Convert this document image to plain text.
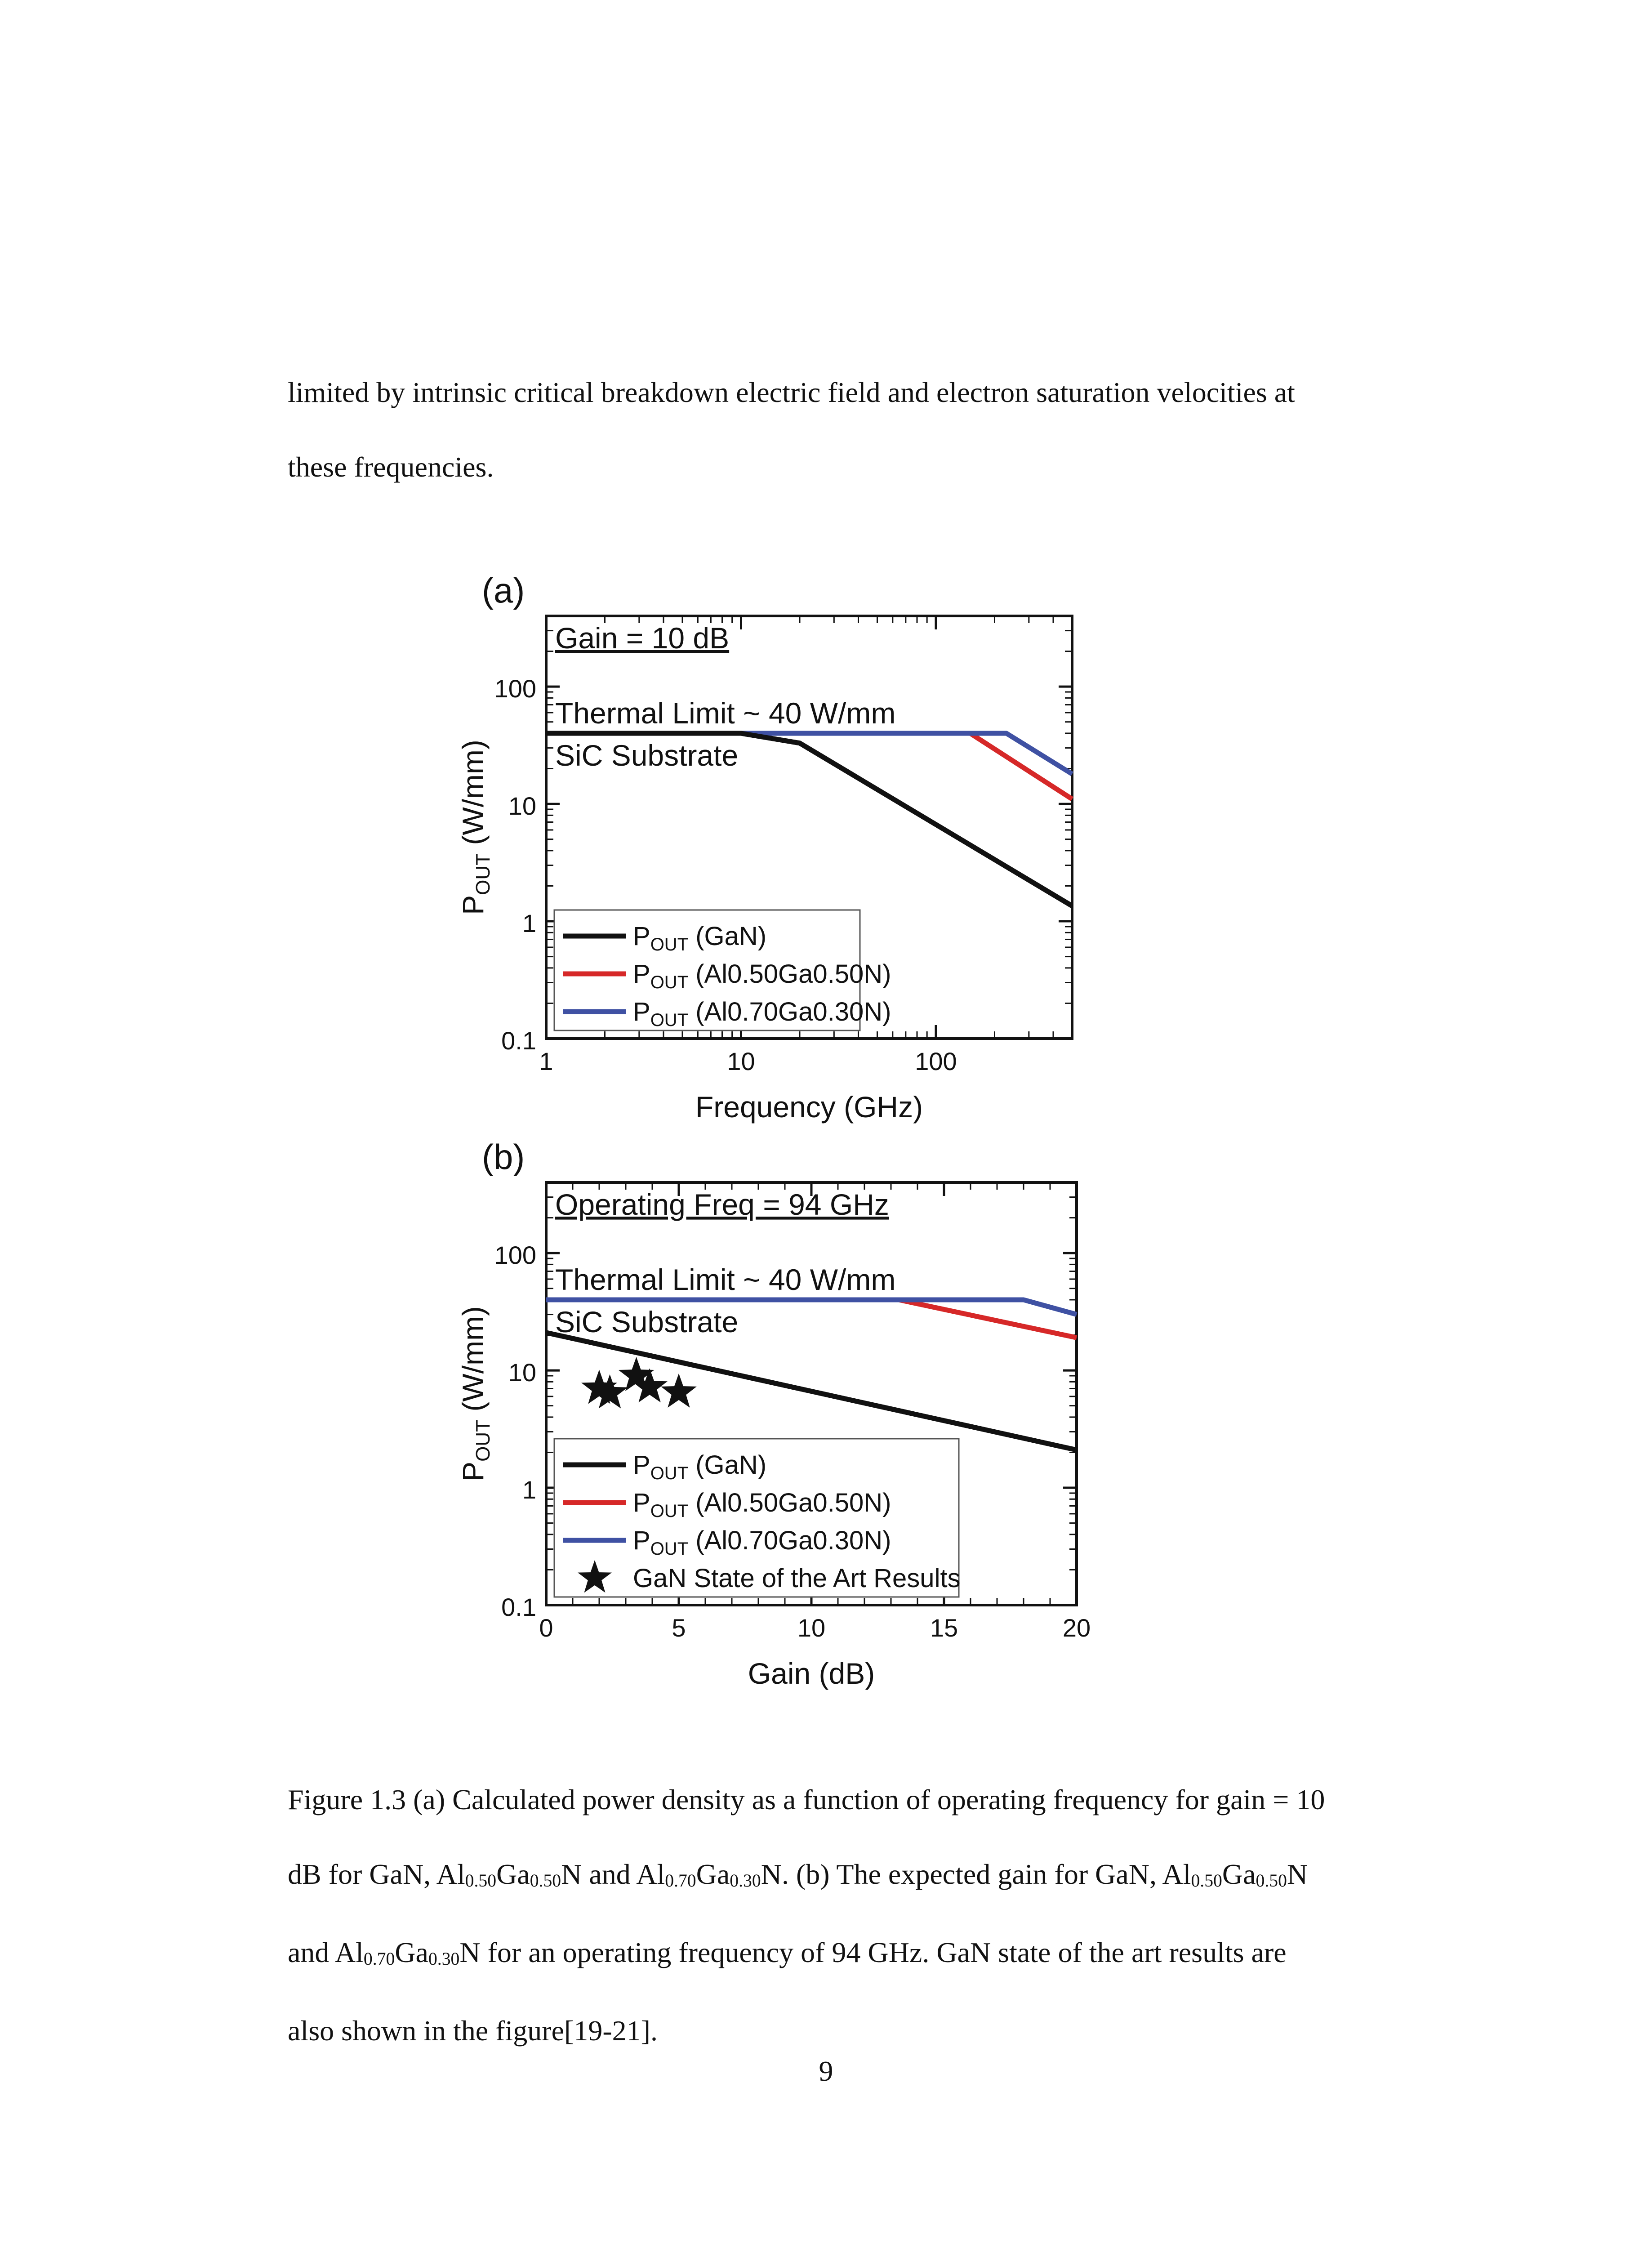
limited by intrinsic critical breakdown electric field and electron saturation velocities at

these frequencies.

(a)
(b)
0.1
1
10
100
1	10	100
Frequency (GHz)
$P_{OUT}$ (W/mm)
Gain = 10 dB
Thermal Limit ~ 40 W/mm
SiC Substrate
$P_{OUT}$ (GaN)
$P_{OUT}$ (Al0.50Ga0.50N)
$P_{OUT}$ (Al0.70Ga0.30N)
0.1
1
10
100
0	5	10	15	20
Gain (dB)
$P_{OUT}$ (W/mm)
Operating Freq = 94 GHz
Thermal Limit ~ 40 W/mm
SiC Substrate
$P_{OUT}$ (GaN)
$P_{OUT}$ (Al0.50Ga0.50N)
$P_{OUT}$ (Al0.70Ga0.30N)
GaN State of the Art Results

Figure 1.3 (a) Calculated power density as a function of operating frequency for gain = 10

dB for GaN, Al0.50Ga0.50N and Al0.70Ga0.30N. (b) The expected gain for GaN, Al0.50Ga0.50N

and Al0.70Ga0.30N for an operating frequency of 94 GHz. GaN state of the art results are

also shown in the figure[19-21].

9
